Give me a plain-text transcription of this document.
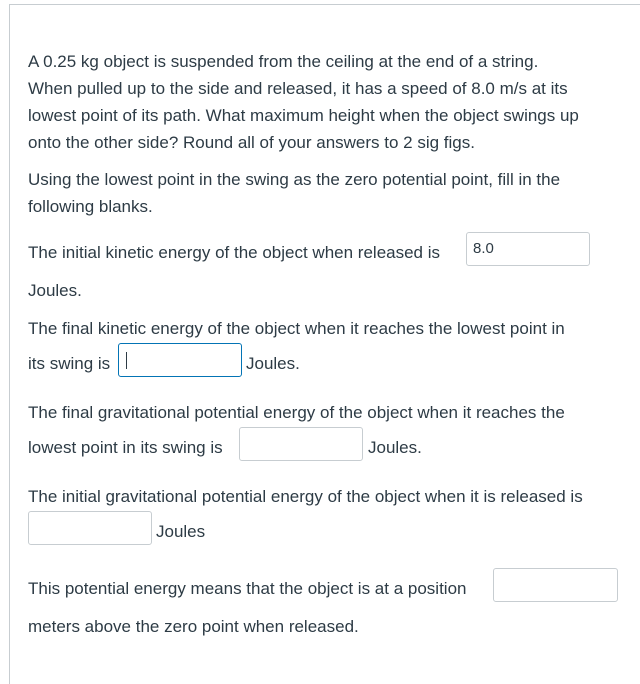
A 0.25 kg object is suspended from the ceiling at the end of a string.
When pulled up to the side and released, it has a speed of 8.0 m/s at its
lowest point of its path. What maximum height when the object swings up
onto the other side? Round all of your answers to 2 sig figs.
Using the lowest point in the swing as the zero potential point, fill in the
following blanks.
The initial kinetic energy of the object when released is	8.0
Joules.
The final kinetic energy of the object when it reaches the lowest point in
its swing is	Joules.
The final gravitational potential energy of the object when it reaches the
lowest point in its swing is	Joules.
The initial gravitational potential energy of the object when it is released is
Joules
This potential energy means that the object is at a position
meters above the zero point when released.
